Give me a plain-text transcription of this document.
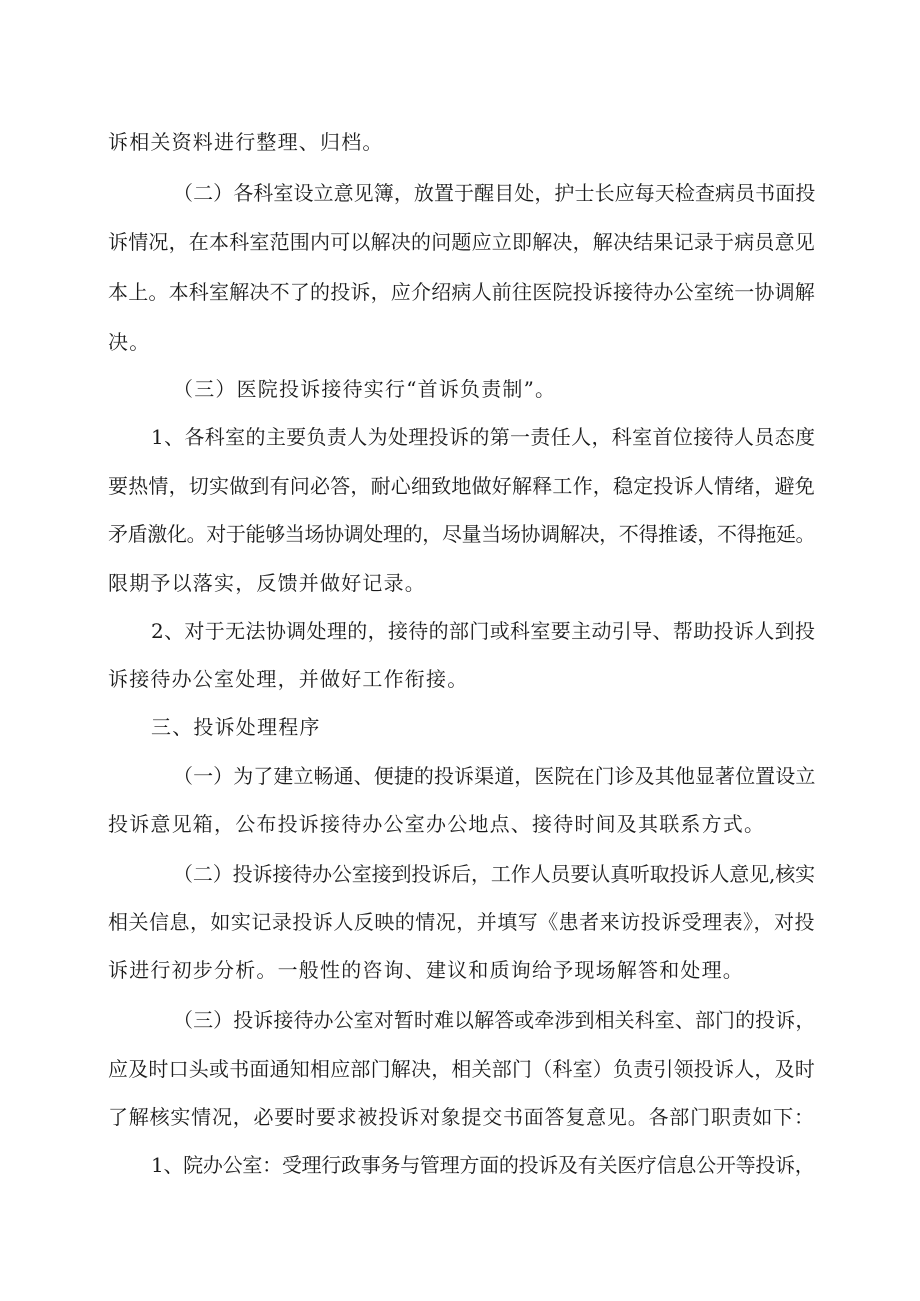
诉相关资料进行整理、归档。
（二）各科室设立意见簿，放置于醒目处，护士长应每天检查病员书面投
诉情况，在本科室范围内可以解决的问题应立即解决，解决结果记录于病员意见
本上。本科室解决不了的投诉，应介绍病人前往医院投诉接待办公室统一协调解
决。
（三）医院投诉接待实行“首诉负责制”。
1、各科室的主要负责人为处理投诉的第一责任人，科室首位接待人员态度
要热情，切实做到有问必答，耐心细致地做好解释工作，稳定投诉人情绪，避免
矛盾激化。对于能够当场协调处理的，尽量当场协调解决，不得推诿，不得拖延。
限期予以落实，反馈并做好记录。
2、对于无法协调处理的，接待的部门或科室要主动引导、帮助投诉人到投
诉接待办公室处理，并做好工作衔接。
三、投诉处理程序
（一）为了建立畅通、便捷的投诉渠道，医院在门诊及其他显著位置设立
投诉意见箱，公布投诉接待办公室办公地点、接待时间及其联系方式。
（二）投诉接待办公室接到投诉后，工作人员要认真听取投诉人意见,核实
相关信息，如实记录投诉人反映的情况，并填写《患者来访投诉受理表》，对投
诉进行初步分析。一般性的咨询、建议和质询给予现场解答和处理。
（三）投诉接待办公室对暂时难以解答或牵涉到相关科室、部门的投诉，
应及时口头或书面通知相应部门解决，相关部门（科室）负责引领投诉人，及时
了解核实情况，必要时要求被投诉对象提交书面答复意见。各部门职责如下：
1、院办公室：受理行政事务与管理方面的投诉及有关医疗信息公开等投诉，
